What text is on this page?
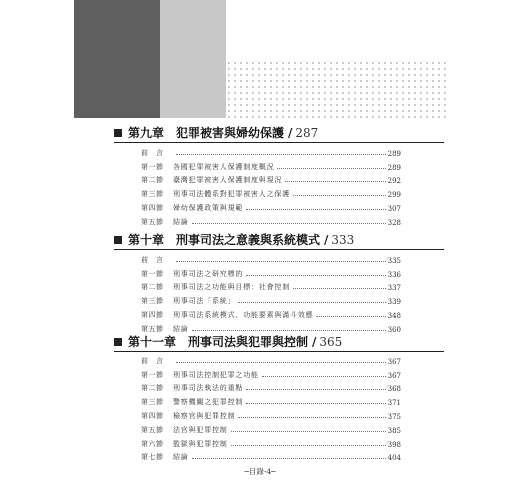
第九章　犯罪被害與婦幼保護 / 287
前　言	289
第一節	各國犯罪被害人保護制度概況	289
第二節	臺灣犯罪被害人保護制度與現況	292
第三節	刑事司法體系對犯罪被害人之保護	299
第四節	婦幼保護政策與規範	307
第五節	結論	328
第十章　刑事司法之意義與系統模式 / 333
前　言	335
第一節	刑事司法之研究標的	336
第二節	刑事司法之功能與目標：社會控制	337
第三節	刑事司法「系統」	339
第四節	刑事司法系統模式、功能要素與滿斗效應	348
第五節	結論	360
第十一章　刑事司法與犯罪與控制 / 365
前　言	367
第一節	刑事司法控制犯罪之功能	367
第二節	刑事司法執法的重點	368
第三節	警察機關之犯罪控制	371
第四節	檢察官與犯罪控制	375
第五節	法官與犯罪控制	385
第六節	監獄與犯罪控制	398
第七節	結論	404
─目錄-4─
